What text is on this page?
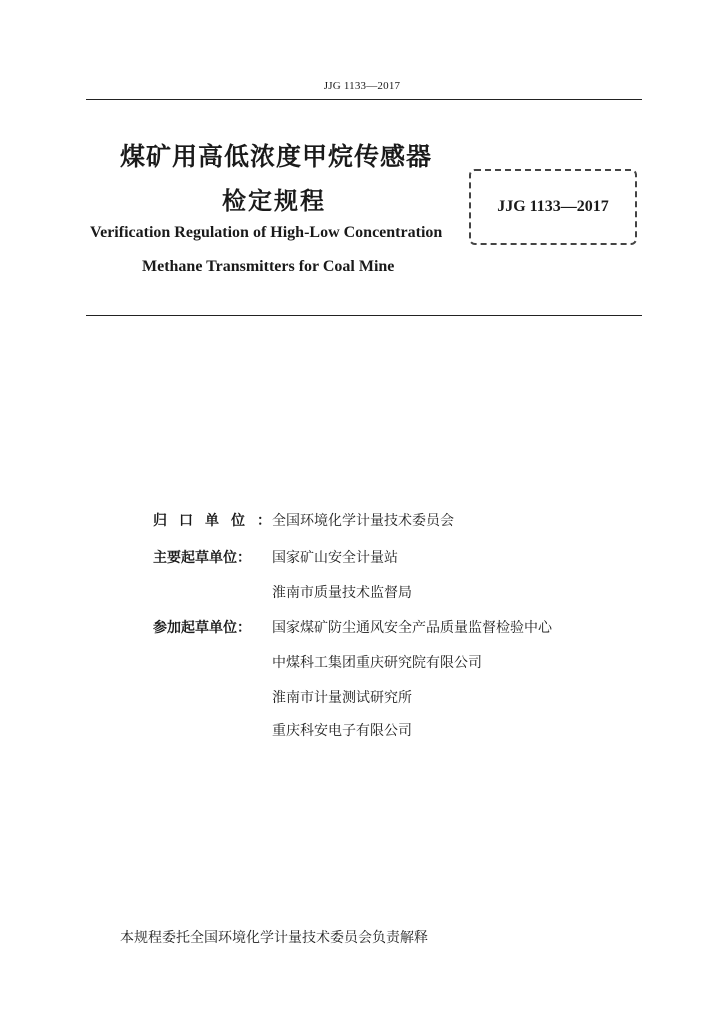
JJG 1133—2017
煤矿用高低浓度甲烷传感器
检定规程
Verification Regulation of High-Low Concentration
Methane Transmitters for Coal Mine
JJG 1133—2017
归口单位：
全国环境化学计量技术委员会
主要起草单位： 国家矿山安全计量站
淮南市质量技术监督局
参加起草单位： 国家煤矿防尘通风安全产品质量监督检验中心
中煤科工集团重庆研究院有限公司
淮南市计量测试研究所
重庆科安电子有限公司
本规程委托全国环境化学计量技术委员会负责解释
